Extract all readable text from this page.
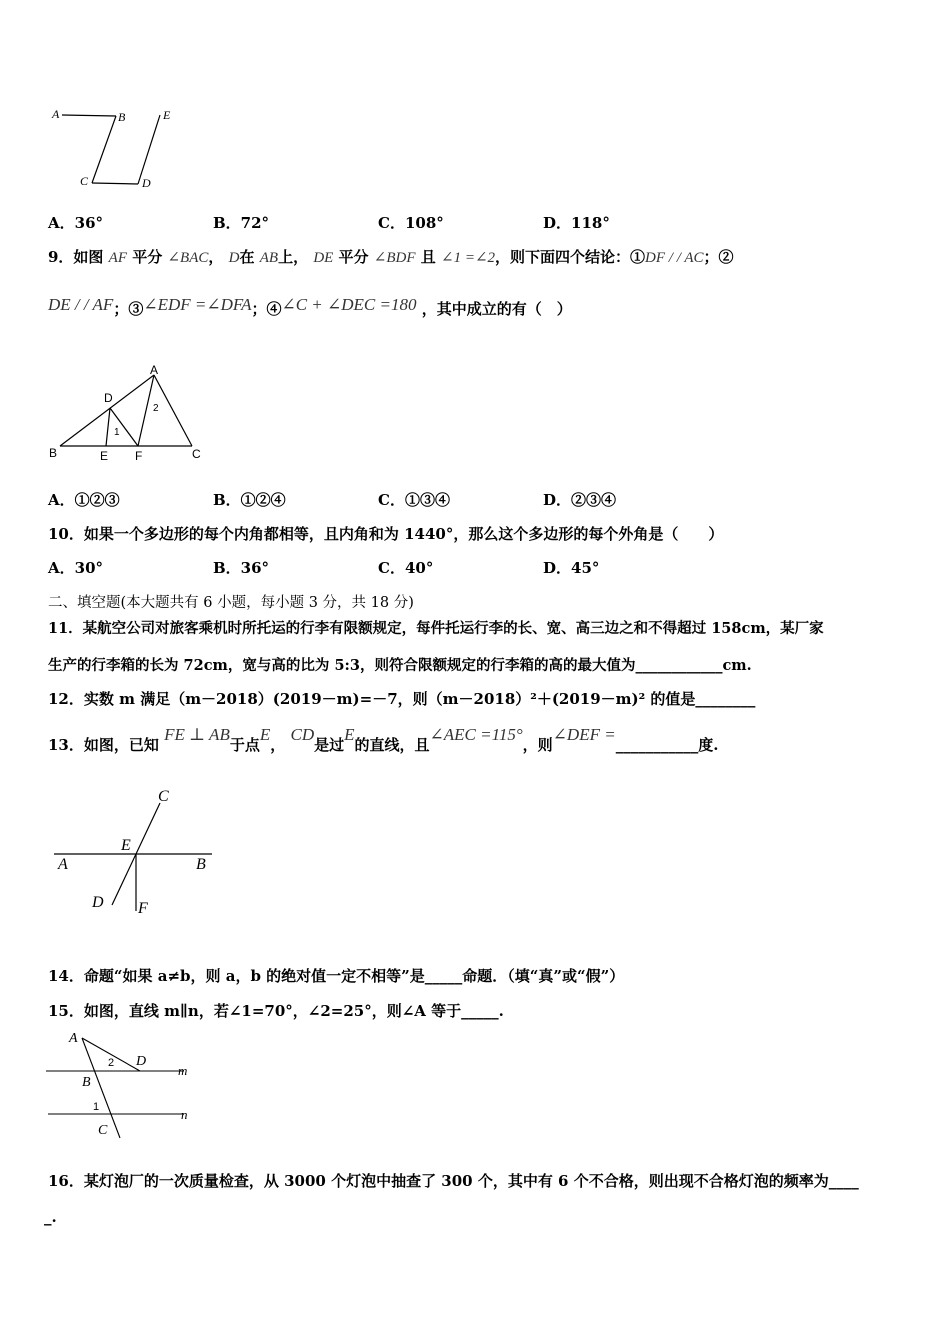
A	B	E
C	D
A．36°	B．72°	C．108°	D．118°
9．如图 AF 平分 ∠BAC， D在 AB上， DE 平分 ∠BDF 且 ∠1 =∠2，则下面四个结论：①DF / / AC；②
DE / / AF；③∠EDF =∠DFA；④∠C + ∠DEC =180 ，其中成立的有（　）
A
D
2
1
B	E F	C
A．①②③	B．①②④	C．①③④	D．②③④
10．如果一个多边形的每个内角都相等，且内角和为 1440°，那么这个多边形的每个外角是（　　）
A．30°	B．36°	C．40°	D．45°
二、填空题(本大题共有 6 小题，每小题 3 分，共 18 分)
11．某航空公司对旅客乘机时所托运的行李有限额规定，每件托运行李的长、宽、高三边之和不得超过 158cm，某厂家
生产的行李箱的长为 72cm，宽与高的比为 5:3，则符合限额规定的行李箱的高的最大值为____________cm.
12．实数 m 满足（m－2018）(2019－m)=－7，则（m－2018）²＋(2019－m)² 的值是________
13．如图，已知 FE ⊥ AB于点E， CD是过E的直线，且∠AEC =115°，则∠DEF =___________度.
C
E
A	B
D F
14．命题“如果 a≠b，则 a，b 的绝对值一定不相等”是_____命题．（填“真”或“假”）
15．如图，直线 m∥n，若∠1=70°，∠2=25°，则∠A 等于_____.
A
2 D
m
B
1	n
C
16．某灯泡厂的一次质量检查，从 3000 个灯泡中抽查了 300 个，其中有 6 个不合格，则出现不合格灯泡的频率为____
_.
